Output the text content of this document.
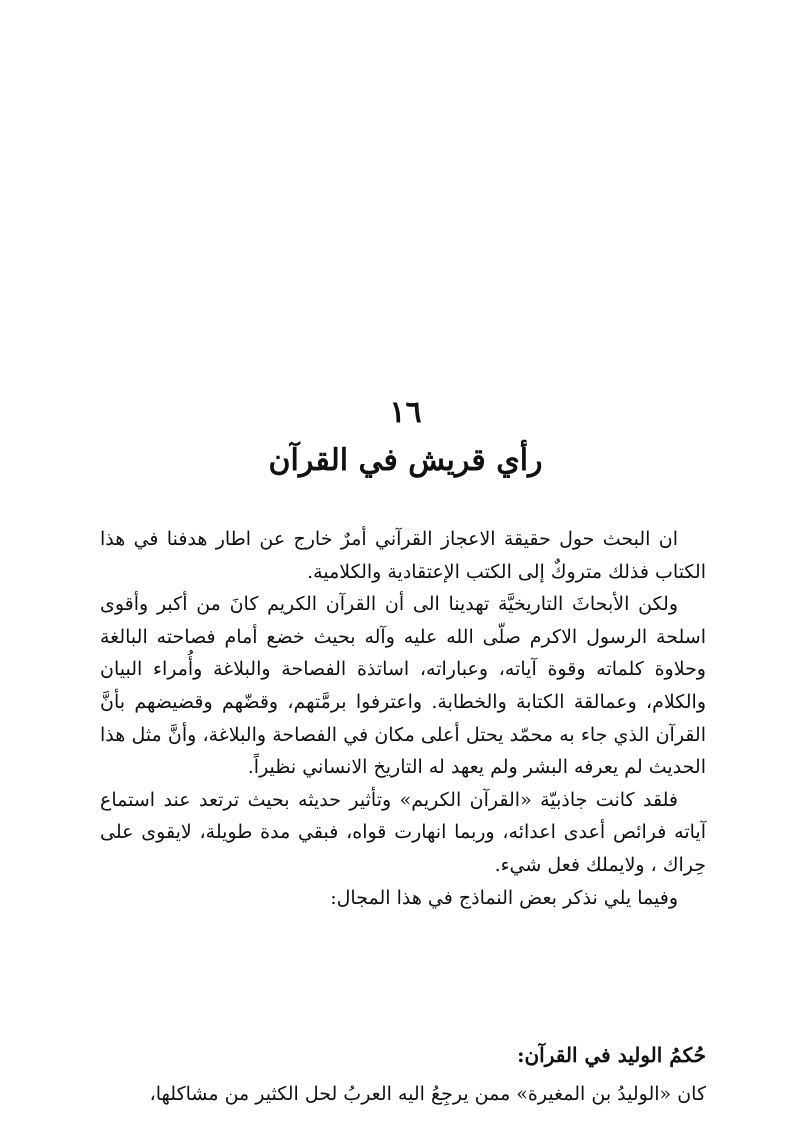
١٦
رأي قريش في القرآن

ان البحث حول حقيقة الاعجاز القرآني أمرٌ خارج عن اطار هدفنا في هذا الكتاب فذلك متروكٌ إلى الكتب الإعتقادية والكلامية.

ولكن الأبحاثَ التاريخيَّة تهدينا الى أن القرآن الكريم كانَ من أكبر وأقوى اسلحة الرسول الاكرم صلّى الله عليه وآله بحيث خضع أمام فصاحته البالغة وحلاوة كلماته وقوة آياته، وعباراته، اساتذة الفصاحة والبلاغة وأُمراء البيان والكلام، وعمالقة الكتابة والخطابة. واعترفوا برمَّتهم، وقضّهم وقضيضهم بأنَّ القرآن الذي جاء به محمّد يحتل أعلى مكان في الفصاحة والبلاغة، وأنَّ مثل هذا الحديث لم يعرفه البشر ولم يعهد له التاريخ الانساني نظيراً.

فلقد كانت جاذبيّة «القرآن الكريم» وتأثير حديثه بحيث ترتعد عند استماع آياته فرائص أعدى اعدائه، وربما انهارت قواه، فبقي مدة طويلة، لايقوى على حِراك ، ولايملك فعل شيء.

وفيما يلي نذكر بعض النماذج في هذا المجال:

حُكمُ الوليد في القرآن:
كان «الوليدُ بن المغيرة» ممن يرجِعُ اليه العربُ لحل الكثير من مشاكلها،
